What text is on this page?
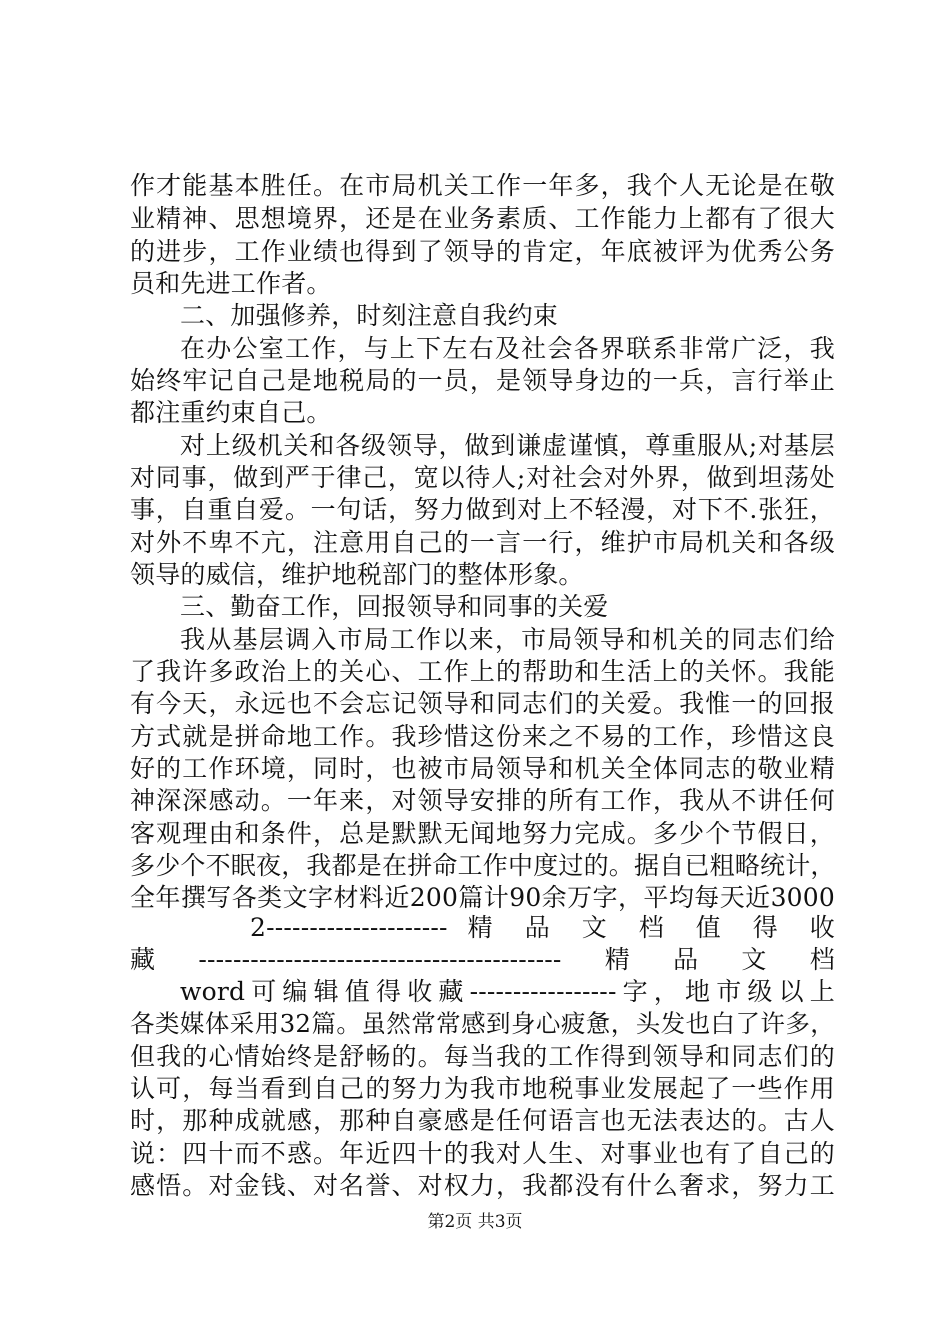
作才能基本胜任。在市局机关工作一年多，我个人无论是在敬
业精神、思想境界，还是在业务素质、工作能力上都有了很大
的进步，工作业绩也得到了领导的肯定，年底被评为优秀公务
员和先进工作者。
二、加强修养，时刻注意自我约束
在办公室工作，与上下左右及社会各界联系非常广泛，我
始终牢记自己是地税局的一员，是领导身边的一兵，言行举止
都注重约束自己。
对上级机关和各级领导，做到谦虚谨慎，尊重服从;对基层
对同事，做到严于律己，宽以待人;对社会对外界，做到坦荡处
事，自重自爱。一句话，努力做到对上不轻漫，对下不.张狂，
对外不卑不亢，注意用自己的一言一行，维护市局机关和各级
领导的威信，维护地税部门的整体形象。
三、勤奋工作，回报领导和同事的关爱
我从基层调入市局工作以来，市局领导和机关的同志们给
了我许多政治上的关心、工作上的帮助和生活上的关怀。我能
有今天，永远也不会忘记领导和同志们的关爱。我惟一的回报
方式就是拼命地工作。我珍惜这份来之不易的工作，珍惜这良
好的工作环境，同时，也被市局领导和机关全体同志的敬业精
神深深感动。一年来，对领导安排的所有工作，我从不讲任何
客观理由和条件，总是默默无闻地努力完成。多少个节假日，
多少个不眠夜，我都是在拼命工作中度过的。据自已粗略统计，
全年撰写各类文字材料近200篇计90余万字，平均每天近3000
2--------------------- 精 品 文 档 值 得 收
藏------------------------------------------精品文档
word可编辑值得收藏-----------------字，地市级以上
各类媒体采用32篇。虽然常常感到身心疲惫，头发也白了许多，
但我的心情始终是舒畅的。每当我的工作得到领导和同志们的
认可，每当看到自己的努力为我市地税事业发展起了一些作用
时，那种成就感，那种自豪感是任何语言也无法表达的。古人
说：四十而不惑。年近四十的我对人生、对事业也有了自己的
感悟。对金钱、对名誉、对权力，我都没有什么奢求，努力工
第2页 共3页
